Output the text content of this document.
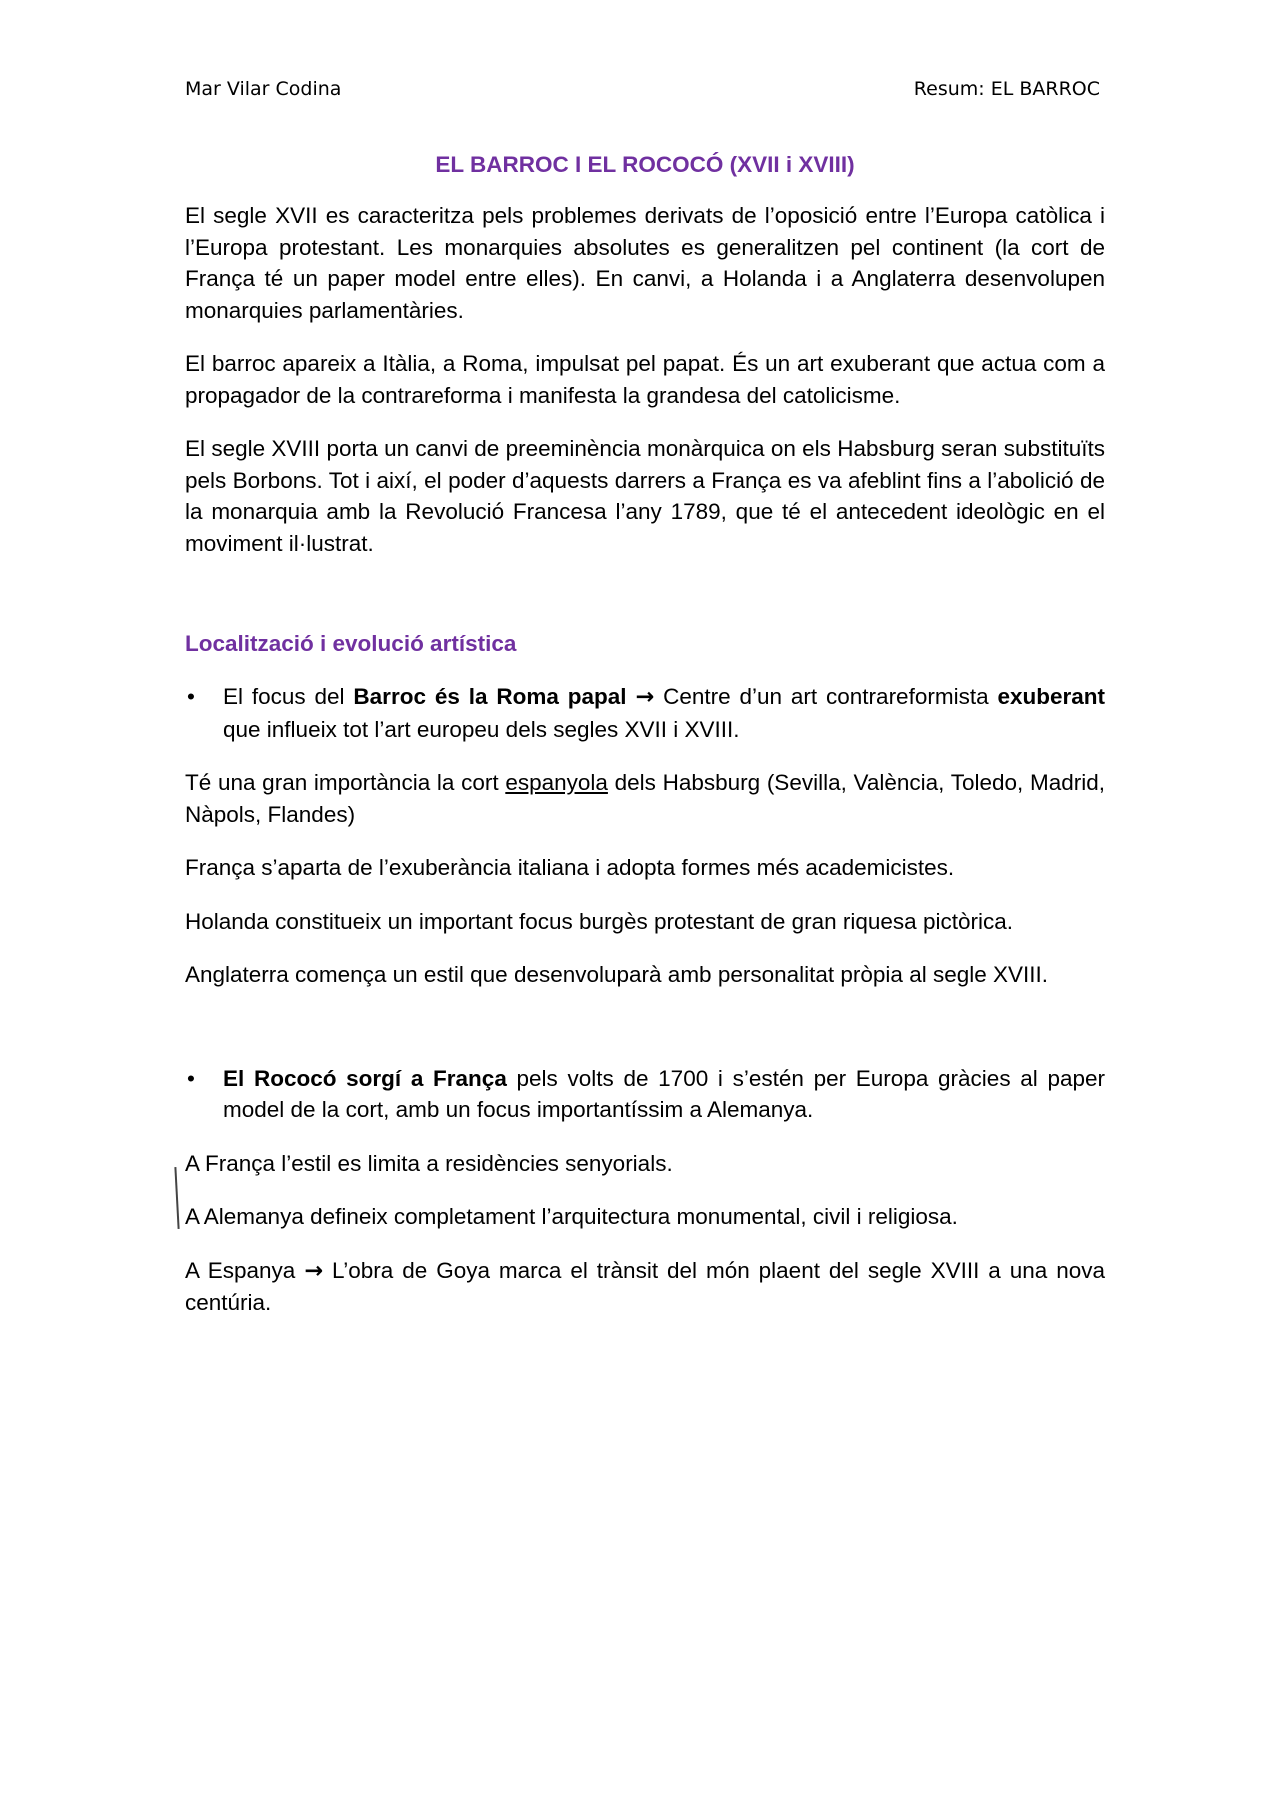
Mar Vilar Codina	Resum: EL BARROC
EL BARROC I EL ROCOCÓ (XVII i XVIII)

El segle XVII es caracteritza pels problemes derivats de l’oposició entre l’Europa catòlica i l’Europa protestant. Les monarquies absolutes es generalitzen pel continent (la cort de França té un paper model entre elles). En canvi, a Holanda i a Anglaterra desenvolupen monarquies parlamentàries.

El barroc apareix a Itàlia, a Roma, impulsat pel papat. És un art exuberant que actua com a propagador de la contrareforma i manifesta la grandesa del catolicisme.

El segle XVIII porta un canvi de preeminència monàrquica on els Habsburg seran substituïts pels Borbons. Tot i així, el poder d’aquests darrers a França es va afeblint fins a l’abolició de la monarquia amb la Revolució Francesa l’any 1789, que té el antecedent ideològic en el moviment il·lustrat.

Localització i evolució artística
• El focus del Barroc és la Roma papal → Centre d’un art contrareformista exuberant que influeix tot l’art europeu dels segles XVII i XVIII.

Té una gran importància la cort espanyola dels Habsburg (Sevilla, València, Toledo, Madrid, Nàpols, Flandes)

França s’aparta de l’exuberància italiana i adopta formes més academicistes.

Holanda constitueix un important focus burgès protestant de gran riquesa pictòrica.

Anglaterra comença un estil que desenvoluparà amb personalitat pròpia al segle XVIII.

• El Rococó sorgí a França pels volts de 1700 i s’estén per Europa gràcies al paper model de la cort, amb un focus importantíssim a Alemanya.

A França l’estil es limita a residències senyorials.

A Alemanya defineix completament l’arquitectura monumental, civil i religiosa.

A Espanya → L’obra de Goya marca el trànsit del món plaent del segle XVIII a una nova centúria.
